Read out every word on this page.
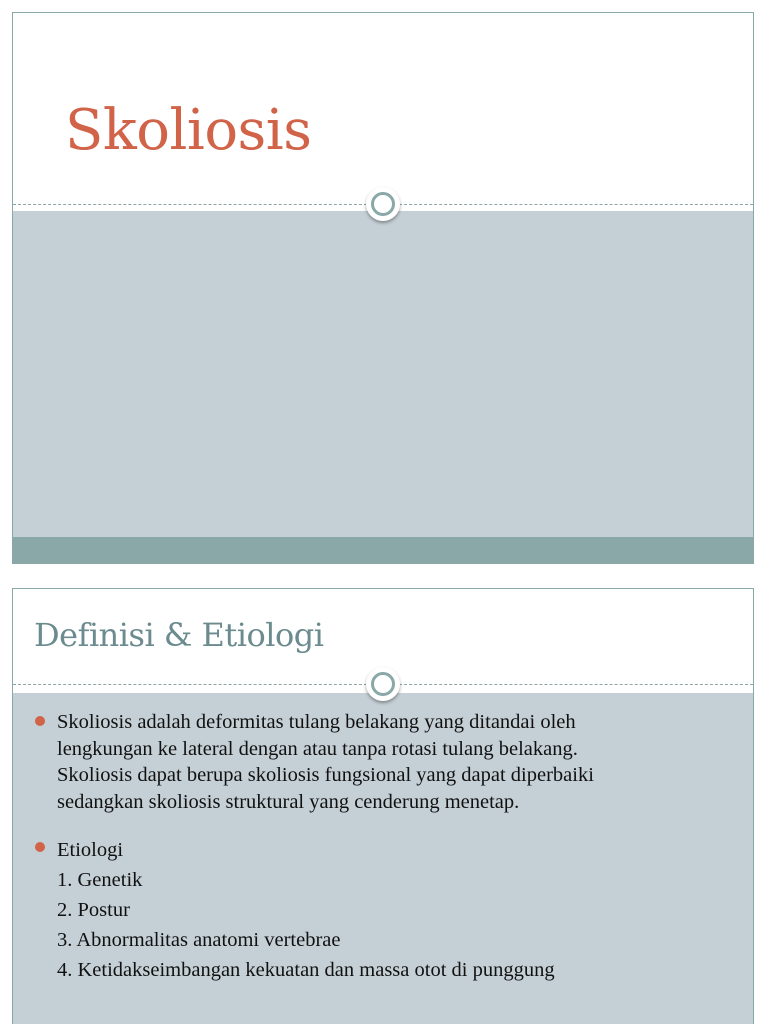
Skoliosis
Definisi & Etiologi
Skoliosis adalah deformitas tulang belakang yang ditandai oleh
lengkungan ke lateral dengan atau tanpa rotasi tulang belakang.
Skoliosis dapat berupa skoliosis fungsional yang dapat diperbaiki
sedangkan skoliosis struktural yang cenderung menetap.
Etiologi
1. Genetik
2. Postur
3. Abnormalitas anatomi vertebrae
4. Ketidakseimbangan kekuatan dan massa otot di punggung
